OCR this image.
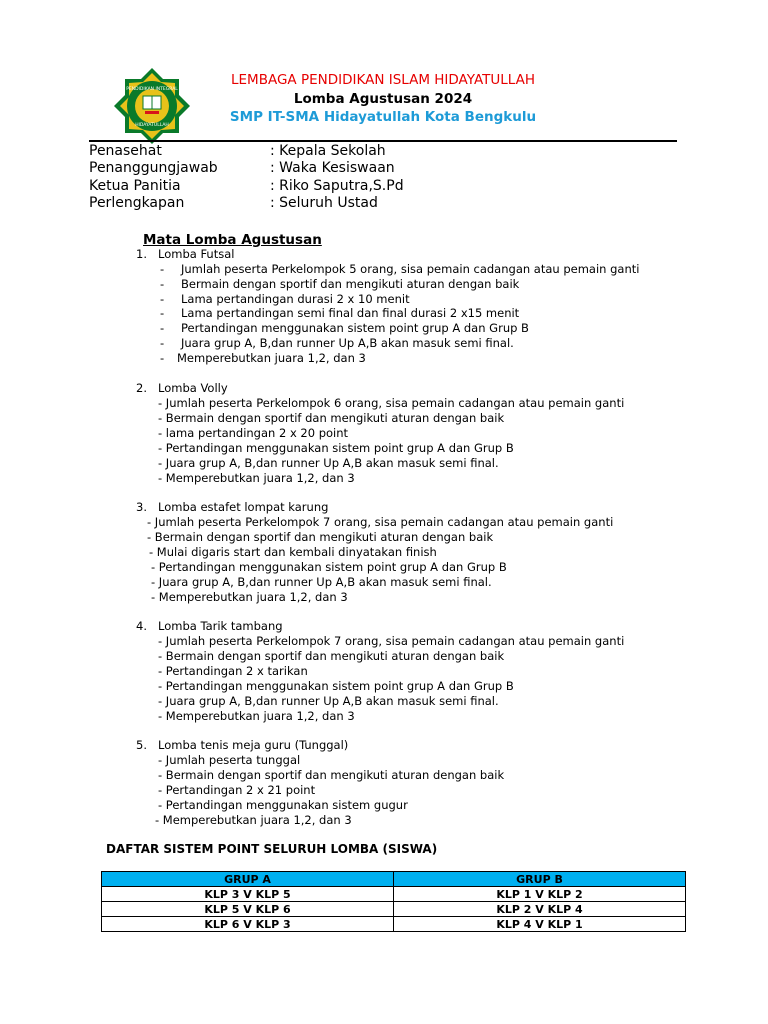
PENDIDIKAN INTEGRAL
HIDAYATULLAH
LEMBAGA PENDIDIKAN ISLAM HIDAYATULLAH
Lomba Agustusan 2024
SMP IT-SMA Hidayatullah Kota Bengkulu
Penasehat	: Kepala Sekolah
Penanggungjawab	: Waka Kesiswaan
Ketua Panitia	: Riko Saputra,S.Pd
Perlengkapan	: Seluruh Ustad
Mata Lomba Agustusan
1. Lomba Futsal
- Jumlah peserta Perkelompok 5 orang, sisa pemain cadangan atau pemain ganti
- Bermain dengan sportif dan mengikuti aturan dengan baik
- Lama pertandingan durasi 2 x 10 menit
- Lama pertandingan semi final dan final durasi 2 x15 menit
- Pertandingan menggunakan sistem point grup A dan Grup B
- Juara grup A, B,dan runner Up A,B akan masuk semi final.
- Memperebutkan juara 1,2, dan 3
2. Lomba Volly
- Jumlah peserta Perkelompok 6 orang, sisa pemain cadangan atau pemain ganti
- Bermain dengan sportif dan mengikuti aturan dengan baik
- lama pertandingan 2 x 20 point
- Pertandingan menggunakan sistem point grup A dan Grup B
- Juara grup A, B,dan runner Up A,B akan masuk semi final.
- Memperebutkan juara 1,2, dan 3
3. Lomba estafet lompat karung
- Jumlah peserta Perkelompok 7 orang, sisa pemain cadangan atau pemain ganti
- Bermain dengan sportif dan mengikuti aturan dengan baik
- Mulai digaris start dan kembali dinyatakan finish
- Pertandingan menggunakan sistem point grup A dan Grup B
- Juara grup A, B,dan runner Up A,B akan masuk semi final.
- Memperebutkan juara 1,2, dan 3
4. Lomba Tarik tambang
- Jumlah peserta Perkelompok 7 orang, sisa pemain cadangan atau pemain ganti
- Bermain dengan sportif dan mengikuti aturan dengan baik
- Pertandingan 2 x tarikan
- Pertandingan menggunakan sistem point grup A dan Grup B
- Juara grup A, B,dan runner Up A,B akan masuk semi final.
- Memperebutkan juara 1,2, dan 3
5. Lomba tenis meja guru (Tunggal)
- Jumlah peserta tunggal
- Bermain dengan sportif dan mengikuti aturan dengan baik
- Pertandingan 2 x 21 point
- Pertandingan menggunakan sistem gugur
- Memperebutkan juara 1,2, dan 3
DAFTAR SISTEM POINT SELURUH LOMBA (SISWA)
GRUP A	GRUP B
KLP 3 V KLP 5	KLP 1 V KLP 2
KLP 5 V KLP 6	KLP 2 V KLP 4
KLP 6 V KLP 3	KLP 4 V KLP 1
